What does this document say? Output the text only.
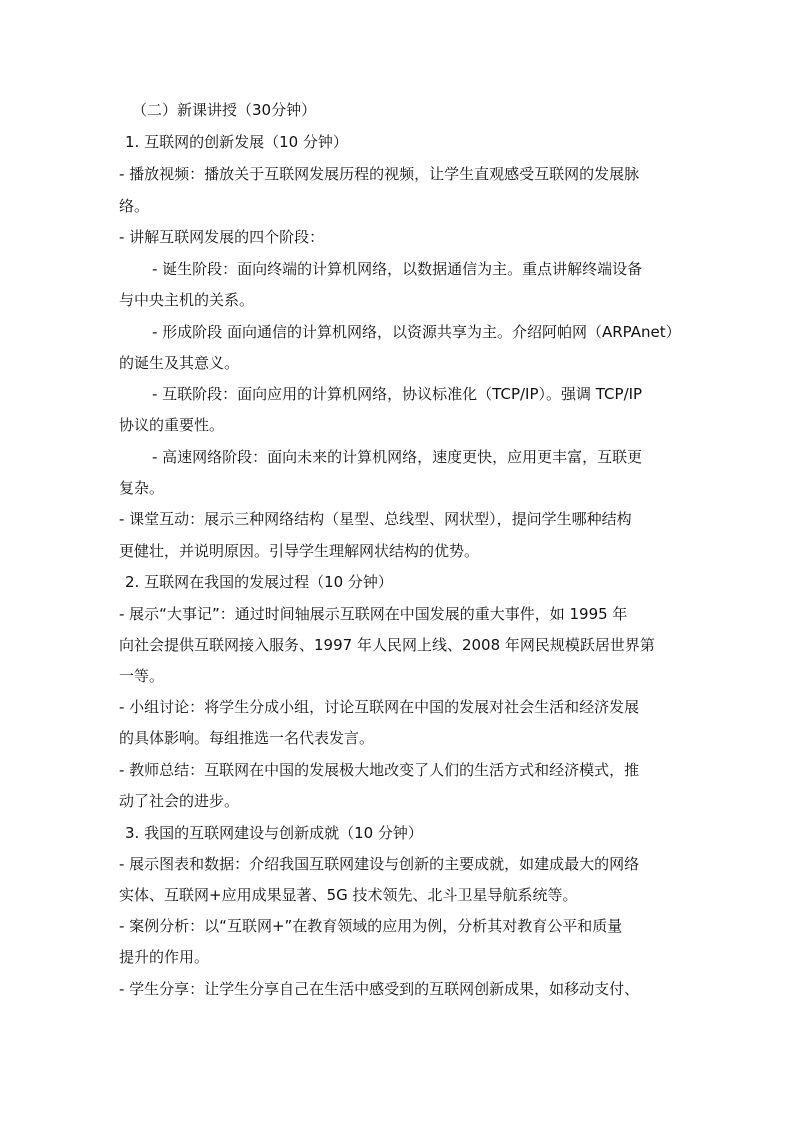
（二）新课讲授（30分钟）
1. 互联网的创新发展（10 分钟）
- 播放视频：播放关于互联网发展历程的视频，让学生直观感受互联网的发展脉
络。
- 讲解互联网发展的四个阶段：
- 诞生阶段：面向终端的计算机网络，以数据通信为主。重点讲解终端设备
与中央主机的关系。
- 形成阶段 面向通信的计算机网络，以资源共享为主。介绍阿帕网（ARPAnet）
的诞生及其意义。
- 互联阶段：面向应用的计算机网络，协议标准化（TCP/IP）。强调 TCP/IP
协议的重要性。
- 高速网络阶段：面向未来的计算机网络，速度更快，应用更丰富，互联更
复杂。
- 课堂互动：展示三种网络结构（星型、总线型、网状型），提问学生哪种结构
更健壮，并说明原因。引导学生理解网状结构的优势。
2. 互联网在我国的发展过程（10 分钟）
- 展示“大事记”：通过时间轴展示互联网在中国发展的重大事件，如 1995 年
向社会提供互联网接入服务、1997 年人民网上线、2008 年网民规模跃居世界第
一等。
- 小组讨论：将学生分成小组，讨论互联网在中国的发展对社会生活和经济发展
的具体影响。每组推选一名代表发言。
- 教师总结：互联网在中国的发展极大地改变了人们的生活方式和经济模式，推
动了社会的进步。
3. 我国的互联网建设与创新成就（10 分钟）
- 展示图表和数据：介绍我国互联网建设与创新的主要成就，如建成最大的网络
实体、互联网+应用成果显著、5G 技术领先、北斗卫星导航系统等。
- 案例分析：以“互联网+”在教育领域的应用为例，分析其对教育公平和质量
提升的作用。
- 学生分享：让学生分享自己在生活中感受到的互联网创新成果，如移动支付、
